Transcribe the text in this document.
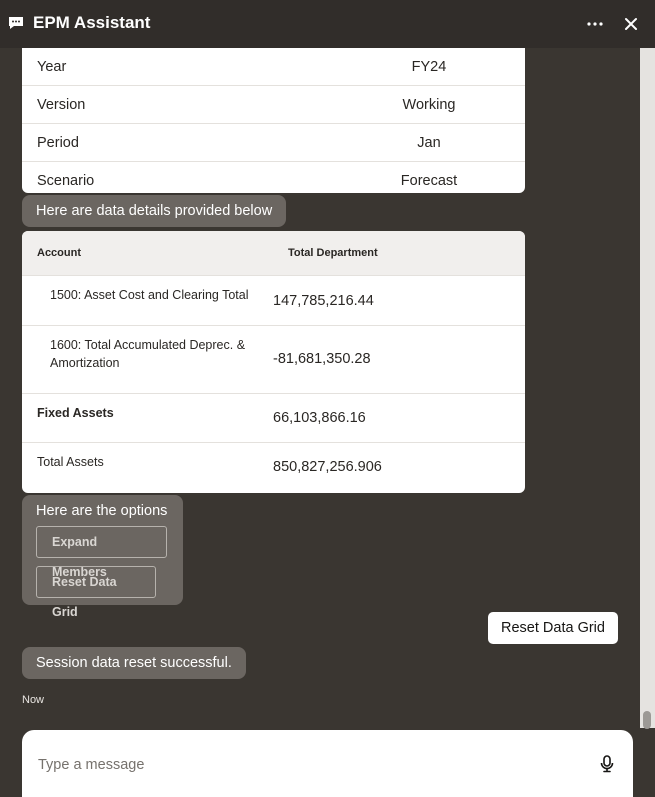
EPM Assistant
Year	FY24
Version	Working
Period	Jan
Scenario	Forecast
Here are data details provided below
Account	Total Department
1500: Asset Cost and Clearing Total	147,785,216.44
1600: Total Accumulated Deprec. & Amortization	-81,681,350.28
Fixed Assets	66,103,866.16
Total Assets	850,827,256.906
Here are the options
Expand Members
Reset Data Grid
Reset Data Grid
Session data reset successful.
Now
Type a message
